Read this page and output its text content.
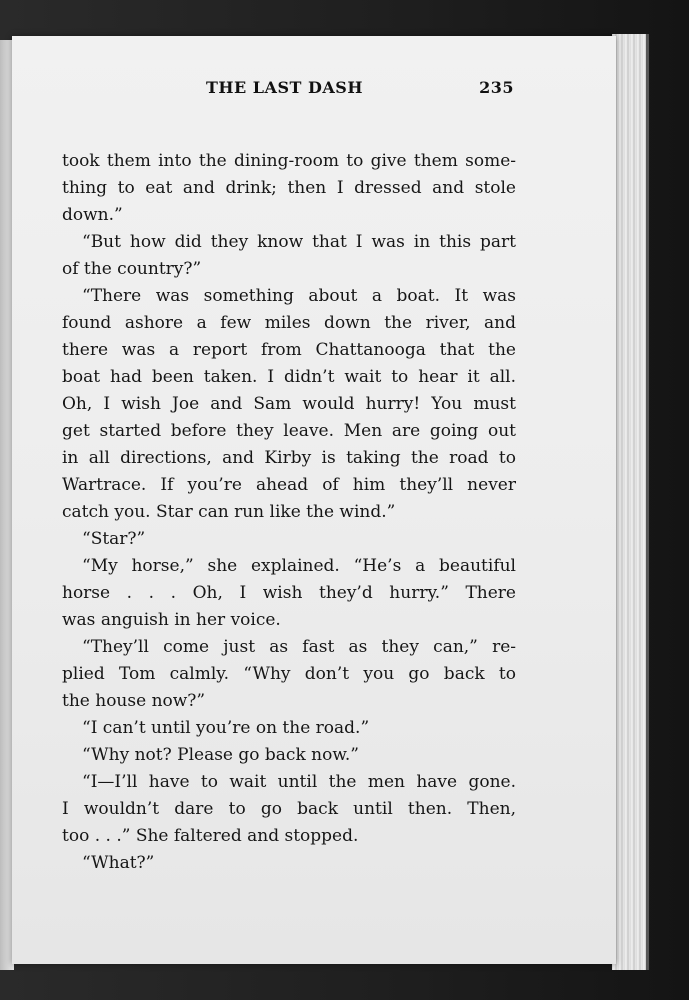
THE LAST DASH	235
took them into the dining-room to give them some-
thing to eat and drink; then I dressed and stole
down.”
“But how did they know that I was in this part
of the country?”
“There was something about a boat. It was
found ashore a few miles down the river, and
there was a report from Chattanooga that the
boat had been taken. I didn’t wait to hear it all.
Oh, I wish Joe and Sam would hurry! You must
get started before they leave. Men are going out
in all directions, and Kirby is taking the road to
Wartrace. If you’re ahead of him they’ll never
catch you. Star can run like the wind.”
“Star?”
“My horse,” she explained. “He’s a beautiful
horse . . . Oh, I wish they’d hurry.” There
was anguish in her voice.
“They’ll come just as fast as they can,” re-
plied Tom calmly. “Why don’t you go back to
the house now?”
“I can’t until you’re on the road.”
“Why not? Please go back now.”
“I—I’ll have to wait until the men have gone.
I wouldn’t dare to go back until then. Then,
too . . .” She faltered and stopped.
“What?”
